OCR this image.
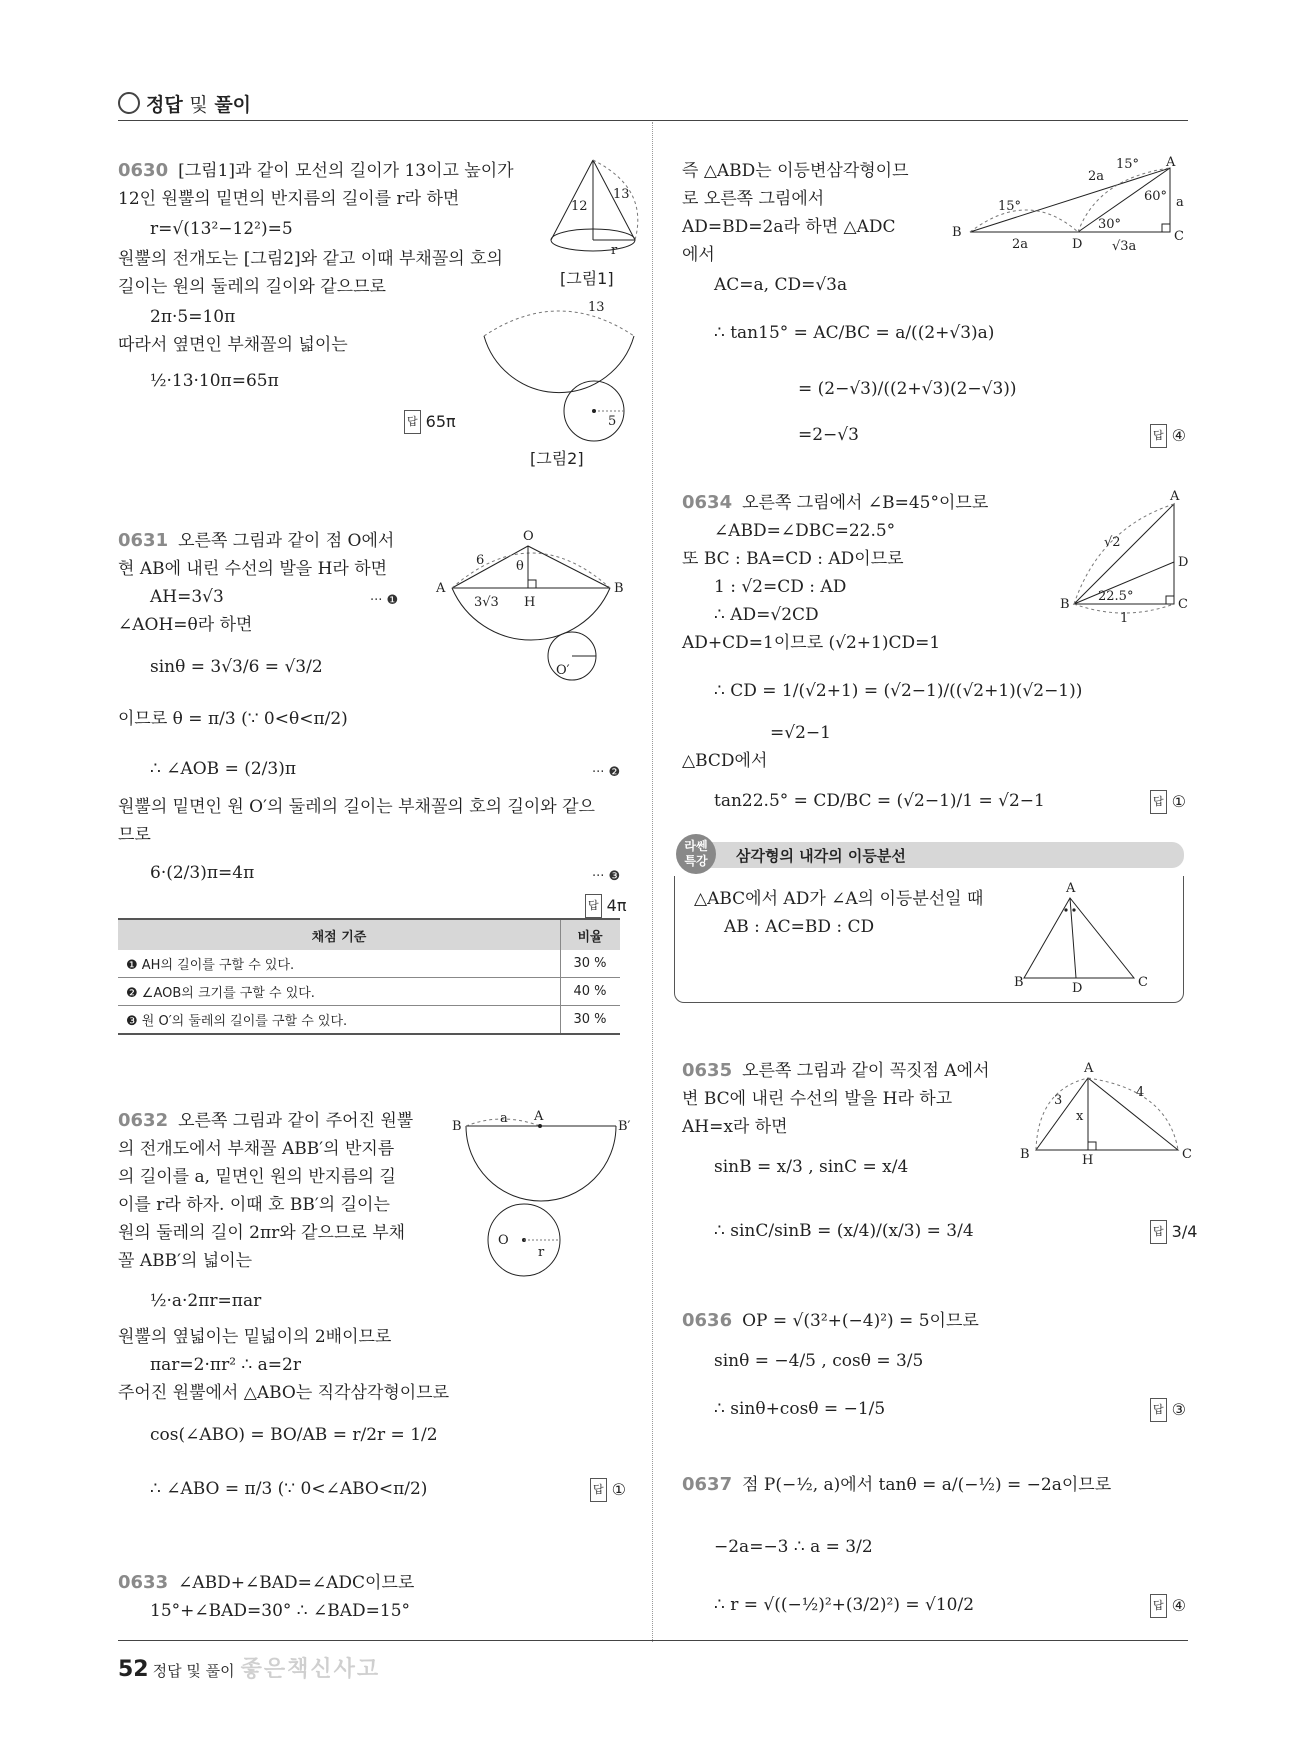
정답 및 풀이
0630 [그림1]과 같이 모선의 길이가 13이고 높이가
12인 원뿔의 밑면의 반지름의 길이를 r라 하면
r=√(13²−12²)=5
원뿔의 전개도는 [그림2]와 같고 이때 부채꼴의 호의
길이는 원의 둘레의 길이와 같으므로
2π·5=10π
따라서 옆면인 부채꼴의 넓이는
½·13·10π=65π
답 65π
12
13
r
[그림1]
13
5
[그림2]
0631 오른쪽 그림과 같이 점 O에서
현 AB에 내린 수선의 발을 H라 하면
AH=3√3	··· ❶
∠AOH=θ라 하면
sinθ = 3√3/6 = √3/2
이므로 θ = π/3 (∵ 0<θ<π/2)
∴ ∠AOB = (2/3)π	··· ❷
원뿔의 밑면인 원 O′의 둘레의 길이는 부채꼴의 호의 길이와 같으
므로
6·(2/3)π=4π	··· ❸
답 4π
O
6 θ
A
3√3 H
B
O′
채점 기준	비율
❶ AH의 길이를 구할 수 있다.	30 %
❷ ∠AOB의 크기를 구할 수 있다.	40 %
❸ 원 O′의 둘레의 길이를 구할 수 있다.	30 %
0632 오른쪽 그림과 같이 주어진 원뿔
의 전개도에서 부채꼴 ABB′의 반지름
의 길이를 a, 밑면인 원의 반지름의 길
이를 r라 하자. 이때 호 BB′의 길이는
원의 둘레의 길이 2πr와 같으므로 부채
꼴 ABB′의 넓이는
½·a·2πr=πar
원뿔의 옆넓이는 밑넓이의 2배이므로
πar=2·πr² ∴ a=2r
주어진 원뿔에서 △ABO는 직각삼각형이므로
cos(∠ABO) = BO/AB = r/2r = 1/2
∴ ∠ABO = π/3 (∵ 0<∠ABO<π/2)	답 ①
B
a A
B′
O
r
0633 ∠ABD+∠BAD=∠ADC이므로
15°+∠BAD=30° ∴ ∠BAD=15°
즉 △ABD는 이등변삼각형이므
로 오른쪽 그림에서
AD=BD=2a라 하면 △ADC
에서
AC=a, CD=√3a
∴ tan15° = AC/BC = a/((2+√3)a)
= (2−√3)/((2+√3)(2−√3))
=2−√3	답 ④
A
15°
2a
60° a
15°
30°
B
2a	D √3a
C
0634 오른쪽 그림에서 ∠B=45°이므로
∠ABD=∠DBC=22.5°
또 BC : BA=CD : AD이므로
1 : √2=CD : AD
∴ AD=√2CD
AD+CD=1이므로 (√2+1)CD=1
∴ CD = 1/(√2+1) = (√2−1)/((√2+1)(√2−1))
=√2−1
△BCD에서
tan22.5° = CD/BC = (√2−1)/1 = √2−1	답 ①
A
√2
D
B
22.5°
C
1
삼각형의 내각의 이등분선
라쎈
특강
△ABC에서 AD가 ∠A의 이등분선일 때
AB : AC=BD : CD
A
B	D	C
0635 오른쪽 그림과 같이 꼭짓점 A에서
변 BC에 내린 수선의 발을 H라 하고
AH=x라 하면
sinB = x/3 , sinC = x/4
∴ sinC/sinB = (x/4)/(x/3) = 3/4	답 3/4
A
3
4
x
B	H	C
0636 OP = √(3²+(−4)²) = 5이므로
sinθ = −4/5 , cosθ = 3/5
∴ sinθ+cosθ = −1/5	답 ③
0637 점 P(−½, a)에서 tanθ = a/(−½) = −2a이므로
−2a=−3 ∴ a = 3/2
∴ r = √((−½)²+(3/2)²) = √10/2	답 ④
52 정답 및 풀이 좋은책신사고
